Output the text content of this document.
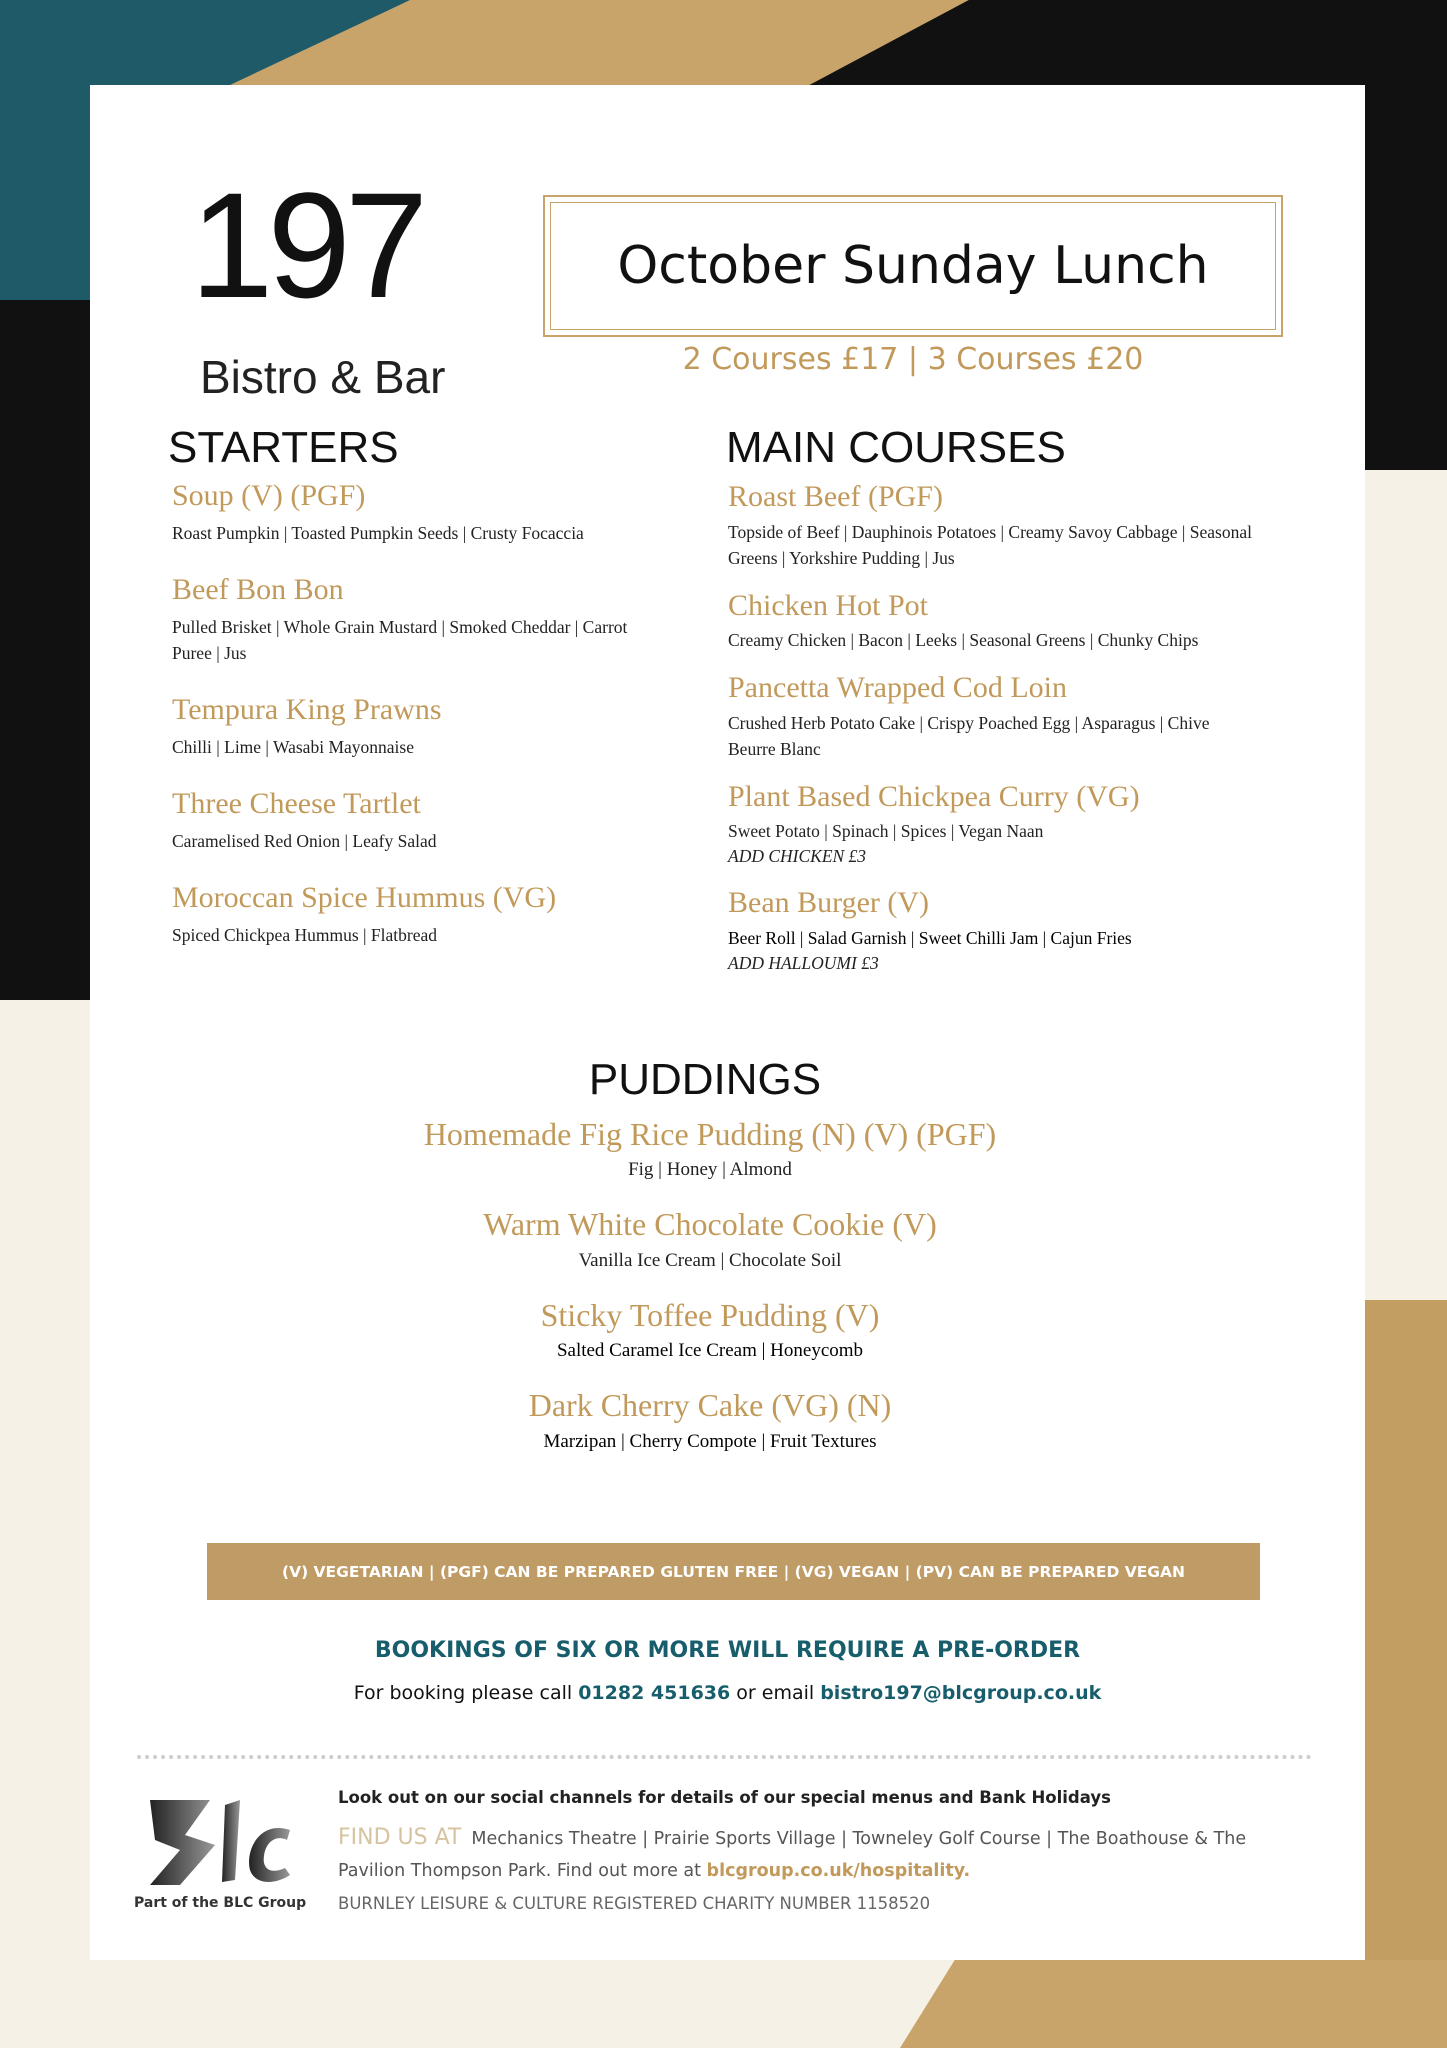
197
Bistro & Bar
October Sunday Lunch
2 Courses £17 | 3 Courses £20
STARTERS	MAIN COURSES
PUDDINGS
Soup (V) (PGF)
Roast Pumpkin | Toasted Pumpkin Seeds | Crusty Focaccia
Beef Bon Bon
Pulled Brisket | Whole Grain Mustard | Smoked Cheddar | Carrot Puree | Jus
Tempura King Prawns
Chilli | Lime | Wasabi Mayonnaise
Three Cheese Tartlet
Caramelised Red Onion | Leafy Salad
Moroccan Spice Hummus (VG)
Spiced Chickpea Hummus | Flatbread
Roast Beef (PGF)
Topside of Beef | Dauphinois Potatoes | Creamy Savoy Cabbage | Seasonal Greens | Yorkshire Pudding | Jus
Chicken Hot Pot
Creamy Chicken | Bacon | Leeks | Seasonal Greens | Chunky Chips
Pancetta Wrapped Cod Loin
Crushed Herb Potato Cake | Crispy Poached Egg | Asparagus | Chive Beurre Blanc
Plant Based Chickpea Curry (VG)
Sweet Potato | Spinach | Spices | Vegan Naan
ADD CHICKEN £3
Bean Burger (V)
Beer Roll | Salad Garnish | Sweet Chilli Jam | Cajun Fries
ADD HALLOUMI £3
Homemade Fig Rice Pudding (N) (V) (PGF)
Fig | Honey | Almond
Warm White Chocolate Cookie (V)
Vanilla Ice Cream | Chocolate Soil
Sticky Toffee Pudding (V)
Salted Caramel Ice Cream | Honeycomb
Dark Cherry Cake (VG) (N)
Marzipan | Cherry Compote | Fruit Textures
(V) VEGETARIAN | (PGF) CAN BE PREPARED GLUTEN FREE | (VG) VEGAN | (PV) CAN BE PREPARED VEGAN
BOOKINGS OF SIX OR MORE WILL REQUIRE A PRE-ORDER
For booking please call 01282 451636 or email bistro197@blcgroup.co.uk
Part of the BLC Group
Look out on our social channels for details of our special menus and Bank Holidays
FIND US AT Mechanics Theatre | Prairie Sports Village | Towneley Golf Course | The Boathouse & The Pavilion Thompson Park. Find out more at blcgroup.co.uk/hospitality.
BURNLEY LEISURE & CULTURE REGISTERED CHARITY NUMBER 1158520
